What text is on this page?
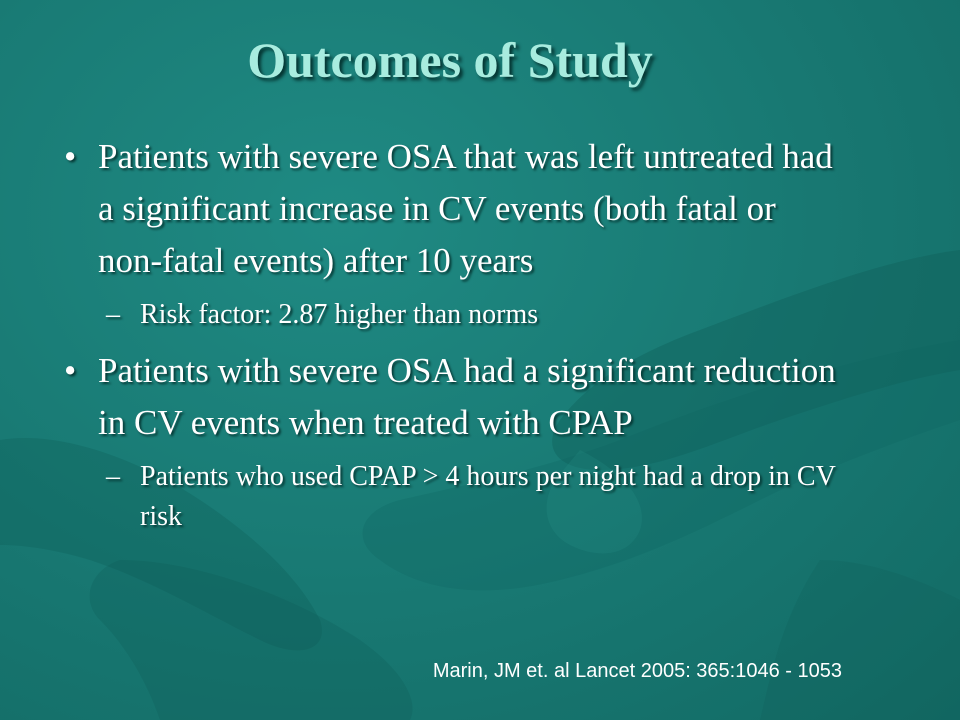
Outcomes of Study

• Patients with severe OSA that was left untreated had a significant increase in CV events (both fatal or non-fatal events) after 10 years

– Risk factor: 2.87 higher than norms

• Patients with severe OSA had a significant reduction in CV events when treated with CPAP

– Patients who used CPAP > 4 hours per night had a drop in CV risk

Marin, JM et. al Lancet 2005: 365:1046 - 1053
